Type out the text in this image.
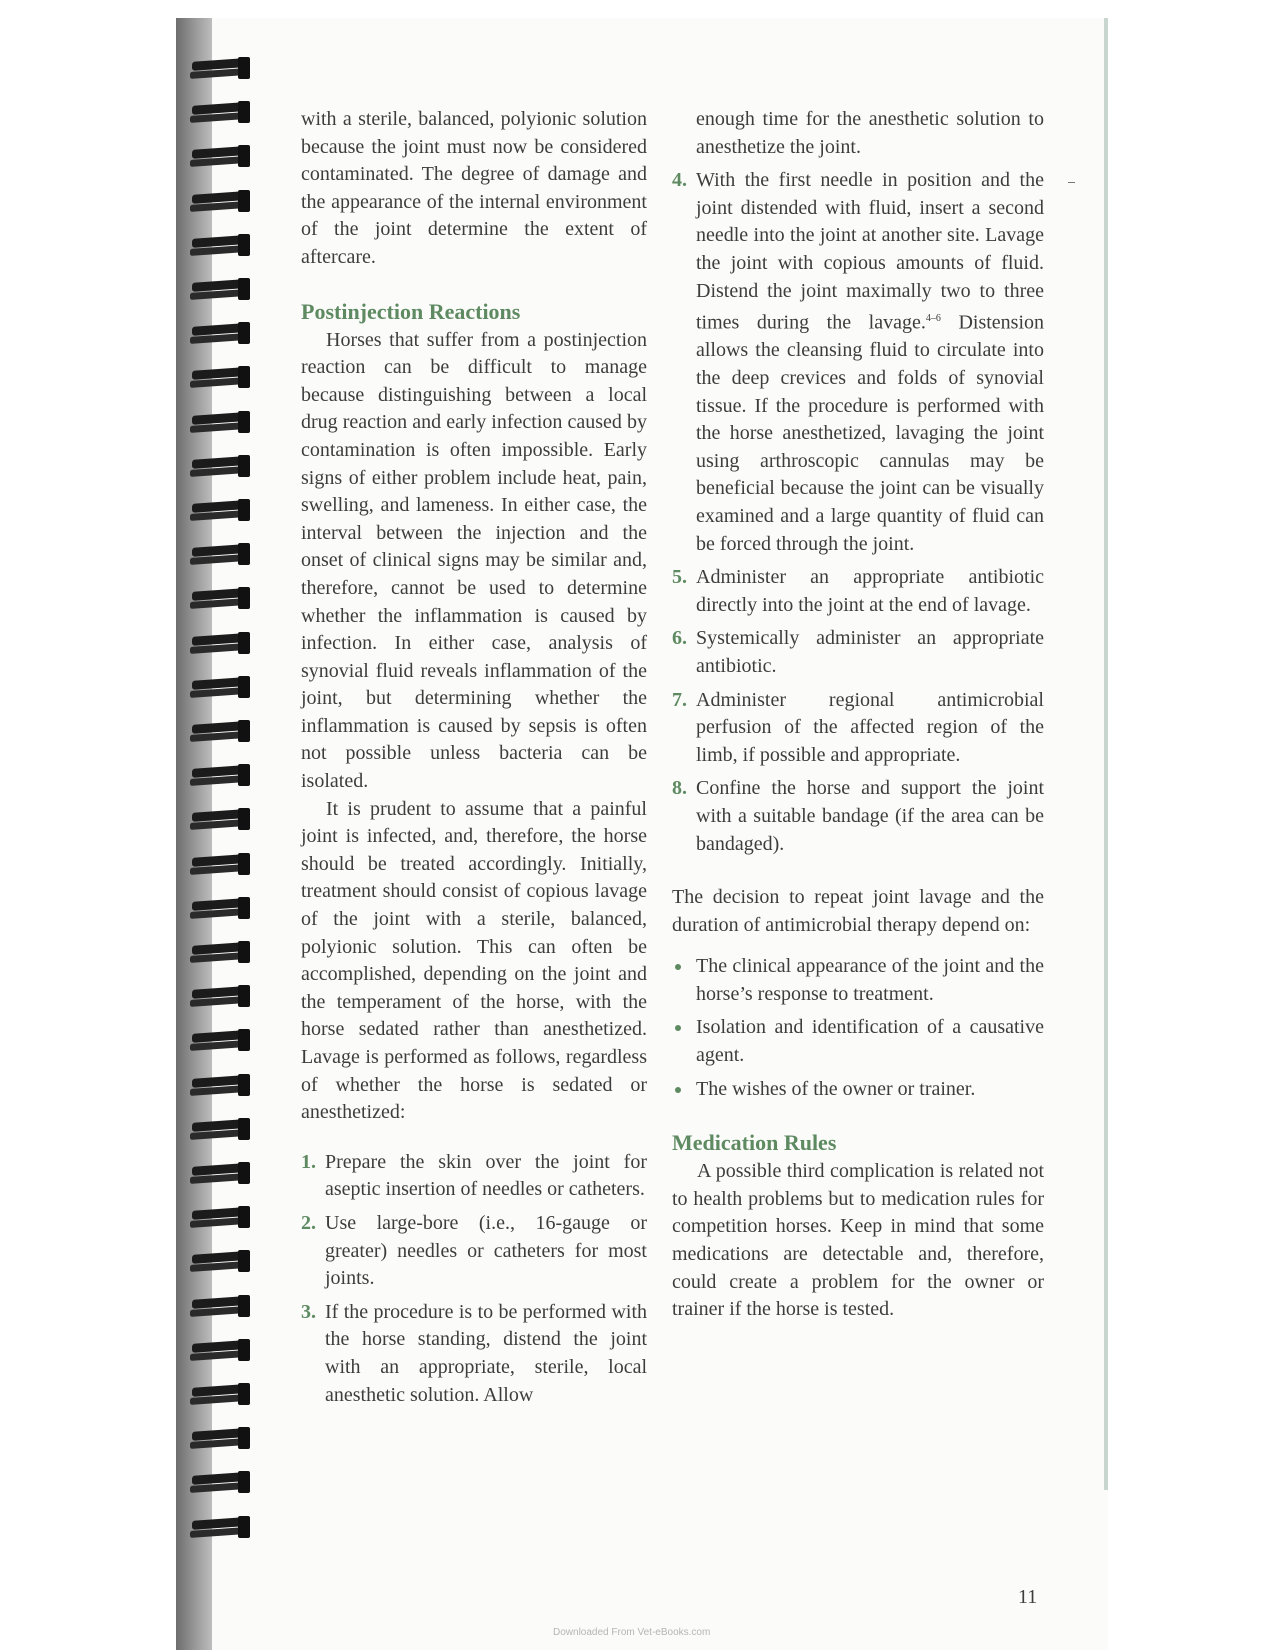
with a sterile, balanced, polyionic solution because the joint must now be considered contaminated. The degree of damage and the appearance of the internal environment of the joint determine the extent of aftercare.

Postinjection Reactions

Horses that suffer from a postinjection reaction can be difficult to manage because distinguishing between a local drug reaction and early infection caused by contamination is often impossible. Early signs of either problem include heat, pain, swelling, and lameness. In either case, the interval between the injection and the onset of clinical signs may be similar and, therefore, cannot be used to determine whether the inflammation is caused by infection. In either case, analysis of synovial fluid reveals inflammation of the joint, but determining whether the inflammation is caused by sepsis is often not possible unless bacteria can be isolated.

It is prudent to assume that a painful joint is infected, and, therefore, the horse should be treated accordingly. Initially, treatment should consist of copious lavage of the joint with a sterile, balanced, polyionic solution. This can often be accomplished, depending on the joint and the temperament of the horse, with the horse sedated rather than anesthetized. Lavage is performed as follows, regardless of whether the horse is sedated or anesthetized:

1. Prepare the skin over the joint for aseptic insertion of needles or catheters.
2. Use large-bore (i.e., 16-gauge or greater) needles or catheters for most joints.
3. If the procedure is to be performed with the horse standing, distend the joint with an appropriate, sterile, local anesthetic solution. Allow

enough time for the anesthetic solution to anesthetize the joint.

4. With the first needle in position and the joint distended with fluid, insert a second needle into the joint at another site. Lavage the joint with copious amounts of fluid. Distend the joint maximally two to three times during the lavage.$^{4-6}$ Distension allows the cleansing fluid to circulate into the deep crevices and folds of synovial tissue. If the procedure is performed with the horse anesthetized, lavaging the joint using arthroscopic cannulas may be beneficial because the joint can be visually examined and a large quantity of fluid can be forced through the joint.
5. Administer an appropriate antibiotic directly into the joint at the end of lavage.
6. Systemically administer an appropriate antibiotic.
7. Administer regional antimicrobial perfusion of the affected region of the limb, if possible and appropriate.
8. Confine the horse and support the joint with a suitable bandage (if the area can be bandaged).

The decision to repeat joint lavage and the duration of antimicrobial therapy depend on:

The clinical appearance of the joint and the horse’s response to treatment.
Isolation and identification of a causative agent.
The wishes of the owner or trainer.
Medication Rules

A possible third complication is related not to health problems but to medication rules for competition horses. Keep in mind that some medications are detectable and, therefore, could create a problem for the owner or trainer if the horse is tested.

11
Downloaded From Vet-eBooks.com
